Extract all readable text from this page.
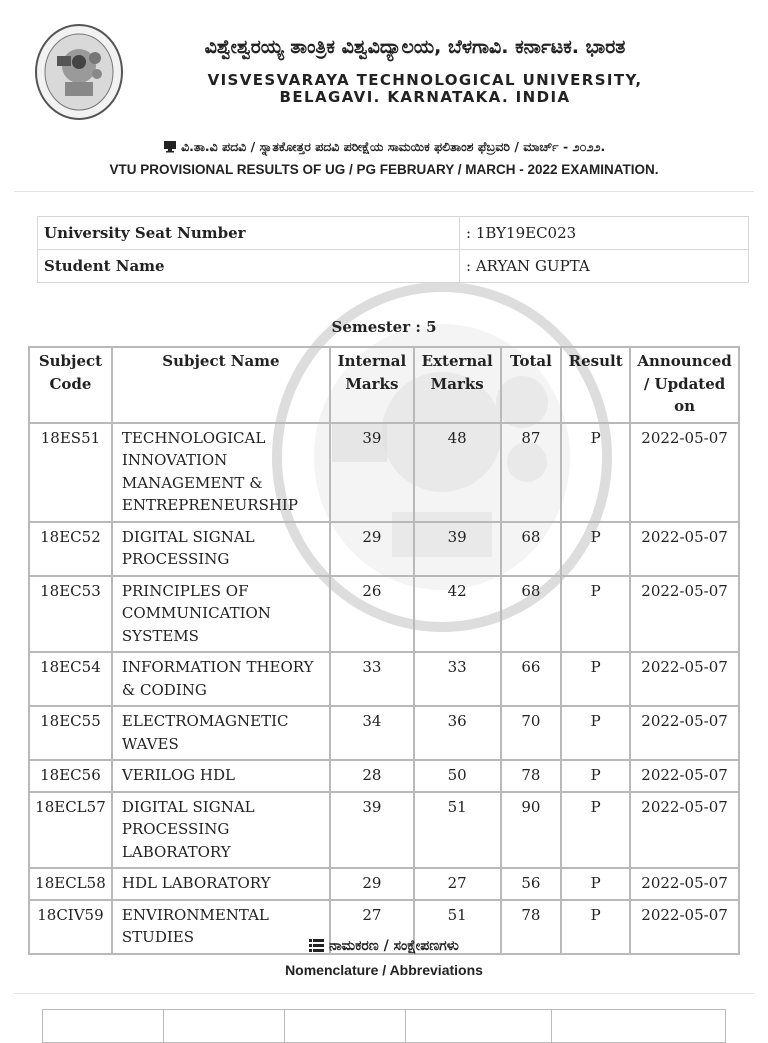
ವಿಶ್ವೇಶ್ವರಯ್ಯ ತಾಂತ್ರಿಕ ವಿಶ್ವವಿದ್ಯಾಲಯ, ಬೆಳಗಾವಿ. ಕರ್ನಾಟಕ. ಭಾರತ
VISVESVARAYA TECHNOLOGICAL UNIVERSITY,
BELAGAVI. KARNATAKA. INDIA
ವಿ.ತಾ.ವಿ ಪದವಿ / ಸ್ನಾತಕೋತ್ತರ ಪದವಿ ಪರೀಕ್ಷೆಯ ಸಾಮಯಿಕ ಫಲಿತಾಂಶ ಫೆಬ್ರವರಿ / ಮಾರ್ಚ್ - ೨೦೨೨.
VTU PROVISIONAL RESULTS OF UG / PG FEBRUARY / MARCH - 2022 EXAMINATION.
University Seat Number	: 1BY19EC023
Student Name	: ARYAN GUPTA
Semester : 5
Subject Code	Subject Name	Internal Marks	External Marks	Total	Result	Announced / Updated on
18ES51	TECHNOLOGICAL INNOVATION MANAGEMENT & ENTREPRENEURSHIP	39	48	87	P	2022-05-07
18EC52	DIGITAL SIGNAL PROCESSING	29	39	68	P	2022-05-07
18EC53	PRINCIPLES OF COMMUNICATION SYSTEMS	26	42	68	P	2022-05-07
18EC54	INFORMATION THEORY & CODING	33	33	66	P	2022-05-07
18EC55	ELECTROMAGNETIC WAVES	34	36	70	P	2022-05-07
18EC56	VERILOG HDL	28	50	78	P	2022-05-07
18ECL57	DIGITAL SIGNAL PROCESSING LABORATORY	39	51	90	P	2022-05-07
18ECL58	HDL LABORATORY	29	27	56	P	2022-05-07
18CIV59	ENVIRONMENTAL STUDIES	27	51	78	P	2022-05-07
ನಾಮಕರಣ / ಸಂಕ್ಷೇಪಣಗಳು
Nomenclature / Abbreviations
